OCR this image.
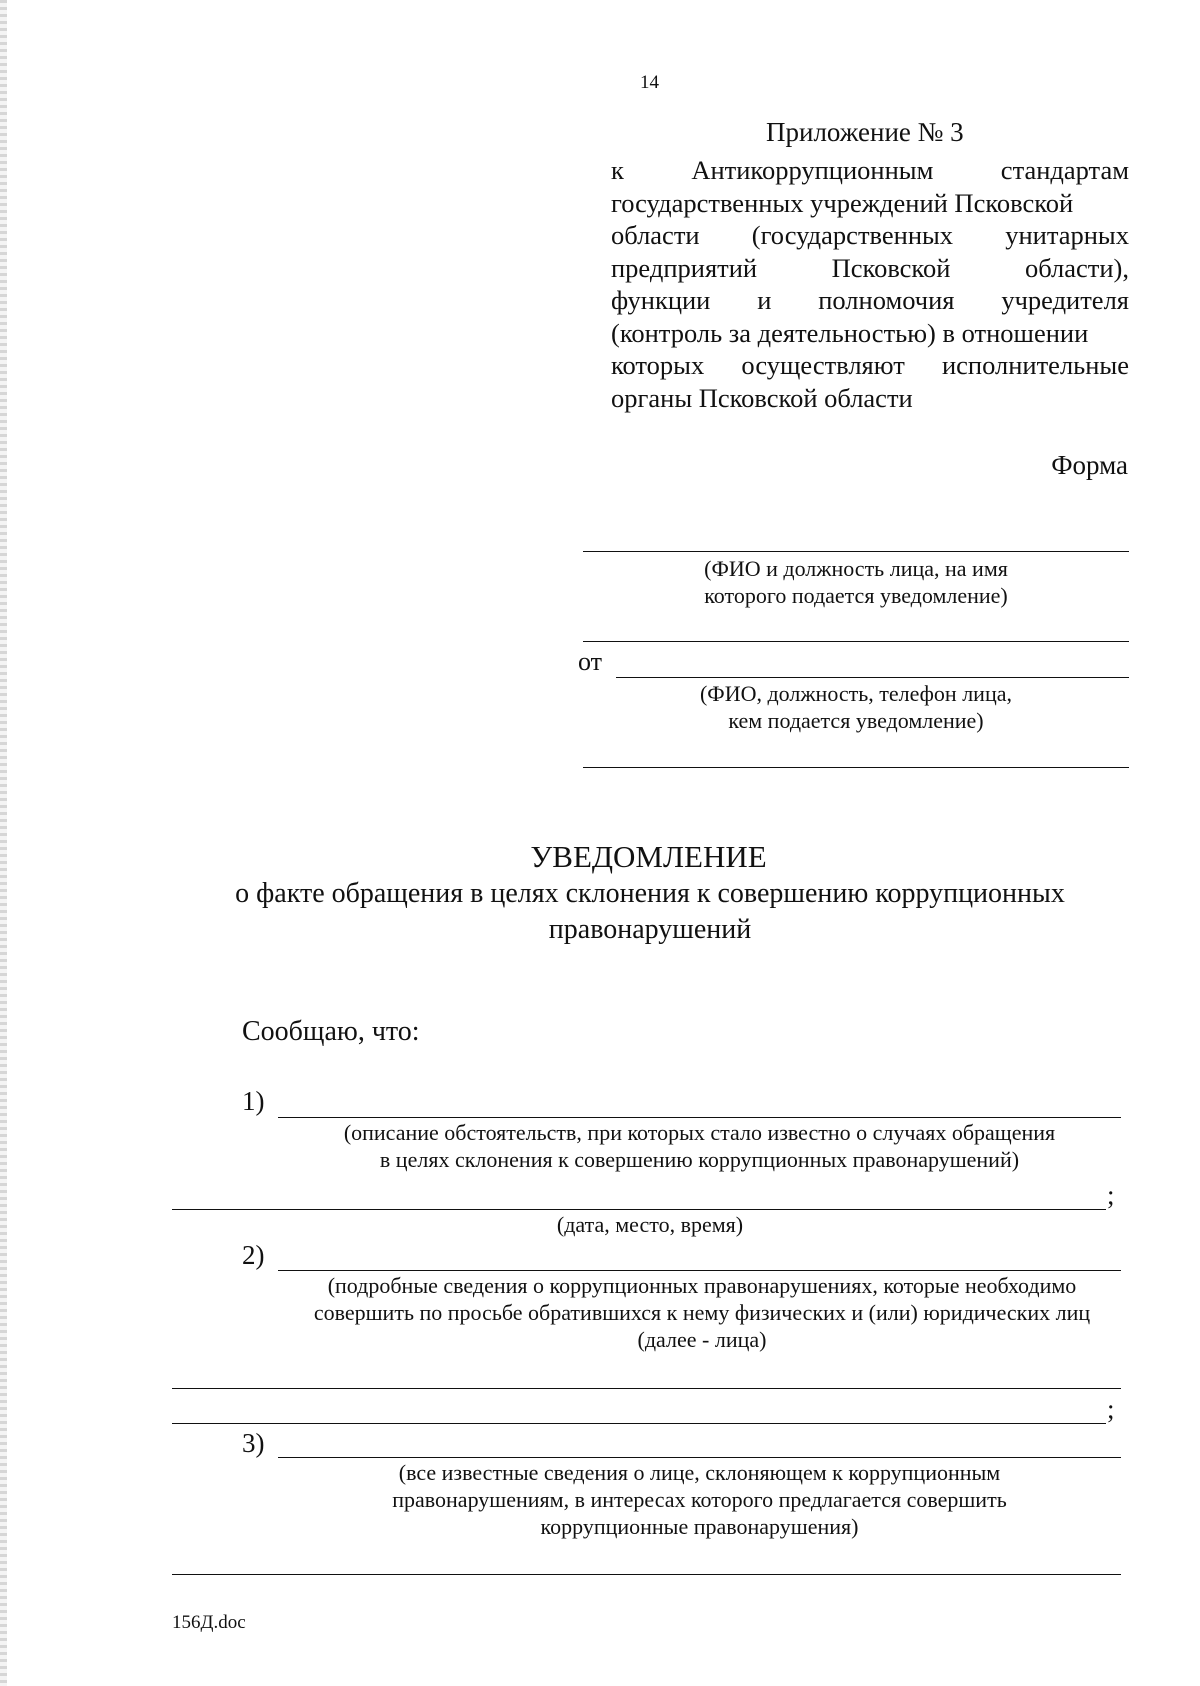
14
Приложение № 3
к Антикоррупционным стандартам
государственных учреждений Псковской
области (государственных унитарных
предприятий Псковской области),
функции и полномочия учредителя
(контроль за деятельностью) в отношении
которых осуществляют исполнительные
органы Псковской области
Форма
(ФИО и должность лица, на имя
которого подается уведомление)
от
(ФИО, должность, телефон лица,
кем подается уведомление)
УВЕДОМЛЕНИЕ
о факте обращения в целях склонения к совершению коррупционных
правонарушений
Сообщаю, что:
1)
(описание обстоятельств, при которых стало известно о случаях обращения
в целях склонения к совершению коррупционных правонарушений)
;
(дата, место, время)
2)
(подробные сведения о коррупционных правонарушениях, которые необходимо
совершить по просьбе обратившихся к нему физических и (или) юридических лиц
(далее - лица)
;
3)
(все известные сведения о лице, склоняющем к коррупционным
правонарушениям, в интересах которого предлагается совершить
коррупционные правонарушения)
156Д.doc
